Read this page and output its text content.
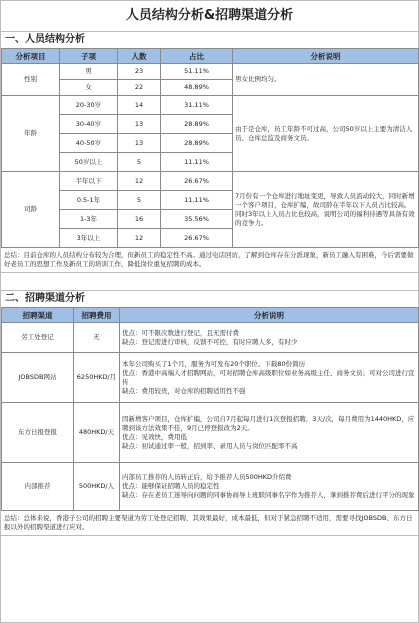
人员结构分析&招聘渠道分析
一、人员结构分析
分析项目	子项	人数	占比	分析说明
性别	男	23	51.11%	男女比例均匀。
	女	22	48.89%	
年龄	20-30岁	14	31.11%	由于是仓库，员工年龄不可过高，公司50岁以上主要为清洁人员、仓库总监及商务文员。
	30-40岁	13	28.89%	
	40-50岁	13	28.89%	
	50岁以上	5	11.11%	
司龄	半年以下	12	26.67%	7月份有一个仓库进行地址变更，导致人员流动较大，同时新增一个客户项目，仓库扩编，故司龄在半年以下人员占比较高。同时3年以上人员占比也较高，说明公司的福利待遇等具备有效的竞争力。
	0.5-1年	5	11.11%	
	1-3年	16	35.56%	
	3年以上	12	26.67%	
总结：目前仓库的人员结构分布较为合理，但新员工的稳定性不高。通过电话回访，了解到仓库存在分派现象，新员工融入有困难，今后需要做好老员工的思想工作及新员工的培训工作，降低岗位重复招聘的成本。
二、招聘渠道分析
招聘渠道	招聘费用	分析说明
劳工处登记	无	优点：可不限次数进行登记，且无需付费
缺点：登记需进行审核，反馈不可控，有时应聘人多，有时少

JOBSDB网站	6250HKD/月	本年公司购买了1个月，服务为可发布20个职位、下载80份简历
优点：香港中高端人才招聘网站，可对招聘仓库高级职位如业务高级主任、商务文员；可对公司进行宣传
缺点：费用较贵，对仓库的招聘适用性不强

东方日报登报	480HKD/天	因新增客户项目，仓库扩编，公司自7月起每月进行1次登报招聘，3天/次，每月费用为1440HKD，应聘到该方法效果不佳，9月已停登报改为2天。
优点：见效快，费用低
缺点：初试通过率一般，招到率、录用人员与岗位匹配率不高

内部推荐	500HKD/人	内部员工推荐的人员转正后，给予推荐人员500HKD介绍费
优点：能够保证招聘人员的稳定性
缺点：存在老员工迷导向问题的同事协商导上班联同事名字作为推荐人，拿到推荐费后进行平分的现象
总结：总体来说，香港子公司的招聘主要渠道为劳工处登记招聘，其效果最好，成本最低，但对于紧急招聘不适用，需要寻找JOBSDB、东方日报以外的招聘渠道进行应对。
